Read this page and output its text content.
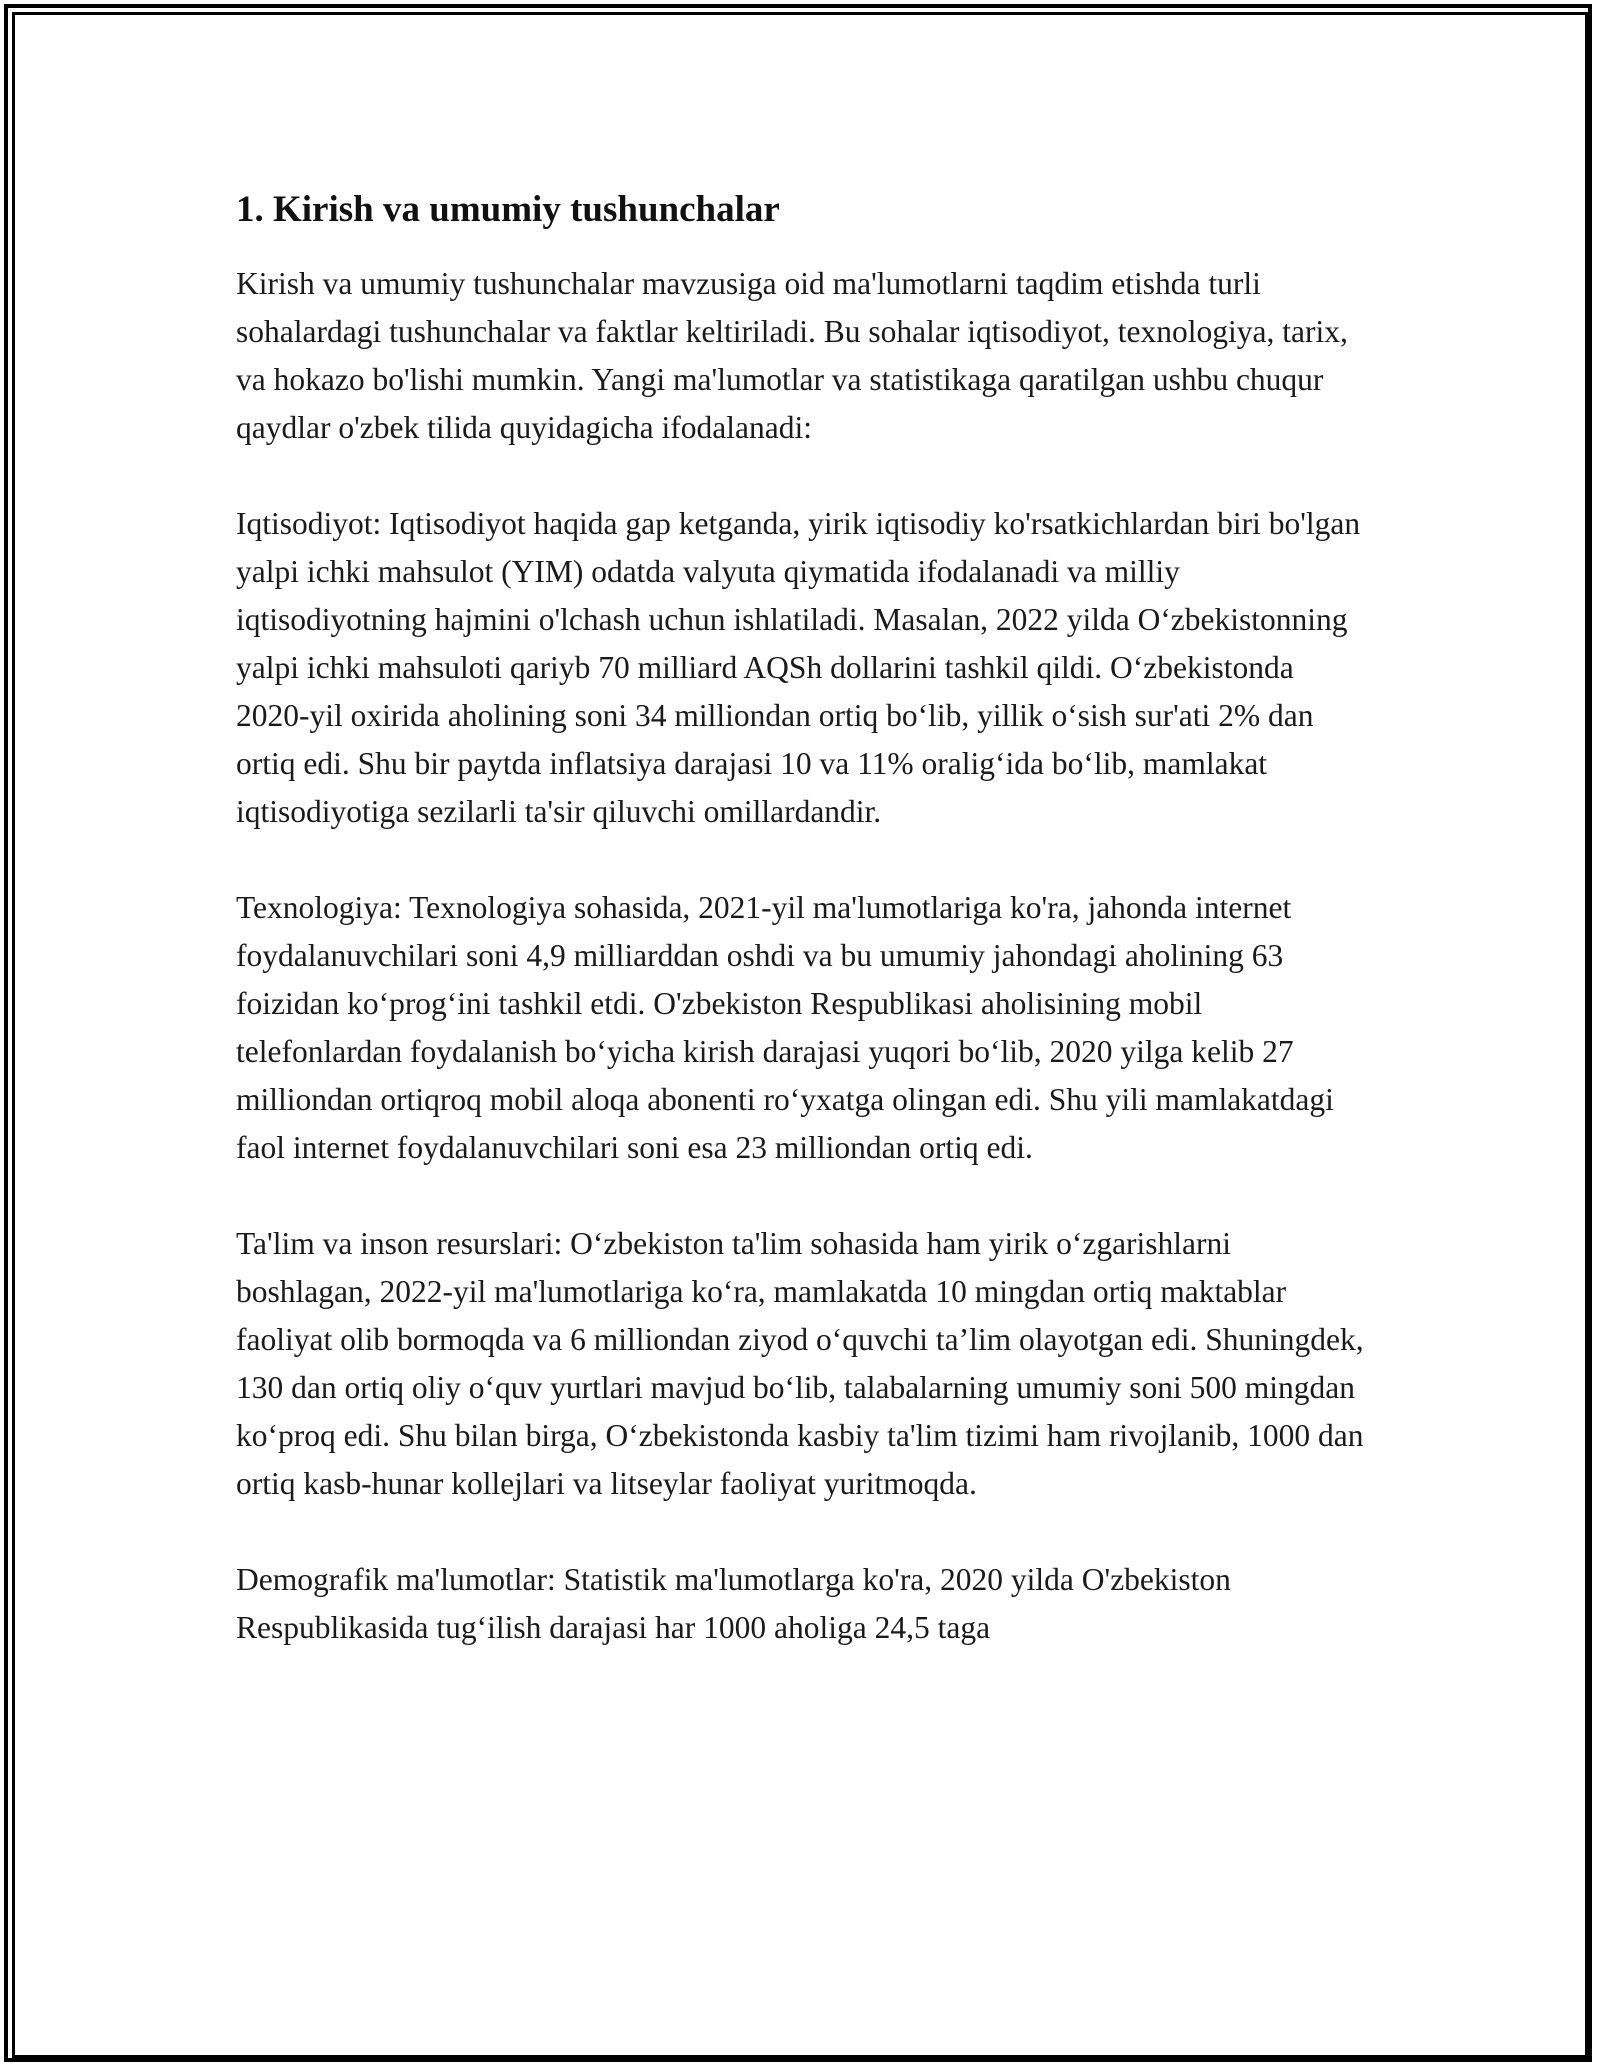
1. Kirish va umumiy tushunchalar

Kirish va umumiy tushunchalar mavzusiga oid ma'lumotlarni taqdim etishda turli sohalardagi tushunchalar va faktlar keltiriladi. Bu sohalar iqtisodiyot, texnologiya, tarix, va hokazo bo'lishi mumkin. Yangi ma'lumotlar va statistikaga qaratilgan ushbu chuqur qaydlar o'zbek tilida quyidagicha ifodalanadi:

Iqtisodiyot: Iqtisodiyot haqida gap ketganda, yirik iqtisodiy ko'rsatkichlardan biri bo'lgan yalpi ichki mahsulot (YIM) odatda valyuta qiymatida ifodalanadi va milliy iqtisodiyotning hajmini o'lchash uchun ishlatiladi. Masalan, 2022 yilda O‘zbekistonning yalpi ichki mahsuloti qariyb 70 milliard AQSh dollarini tashkil qildi. O‘zbekistonda 2020-yil oxirida aholining soni 34 milliondan ortiq bo‘lib, yillik o‘sish sur'ati 2% dan ortiq edi. Shu bir paytda inflatsiya darajasi 10 va 11% oralig‘ida bo‘lib, mamlakat iqtisodiyotiga sezilarli ta'sir qiluvchi omillardandir.

Texnologiya: Texnologiya sohasida, 2021-yil ma'lumotlariga ko'ra, jahonda internet foydalanuvchilari soni 4,9 milliarddan oshdi va bu umumiy jahondagi aholining 63 foizidan ko‘prog‘ini tashkil etdi. O'zbekiston Respublikasi aholisining mobil telefonlardan foydalanish bo‘yicha kirish darajasi yuqori bo‘lib, 2020 yilga kelib 27 milliondan ortiqroq mobil aloqa abonenti ro‘yxatga olingan edi. Shu yili mamlakatdagi faol internet foydalanuvchilari soni esa 23 milliondan ortiq edi.

Ta'lim va inson resurslari: O‘zbekiston ta'lim sohasida ham yirik o‘zgarishlarni boshlagan, 2022-yil ma'lumotlariga ko‘ra, mamlakatda 10 mingdan ortiq maktablar faoliyat olib bormoqda va 6 milliondan ziyod o‘quvchi ta’lim olayotgan edi. Shuningdek, 130 dan ortiq oliy o‘quv yurtlari mavjud bo‘lib, talabalarning umumiy soni 500 mingdan ko‘proq edi. Shu bilan birga, O‘zbekistonda kasbiy ta'lim tizimi ham rivojlanib, 1000 dan ortiq kasb-hunar kollejlari va litseylar faoliyat yuritmoqda.

Demografik ma'lumotlar: Statistik ma'lumotlarga ko'ra, 2020 yilda O'zbekiston Respublikasida tug‘ilish darajasi har 1000 aholiga 24,5 taga
